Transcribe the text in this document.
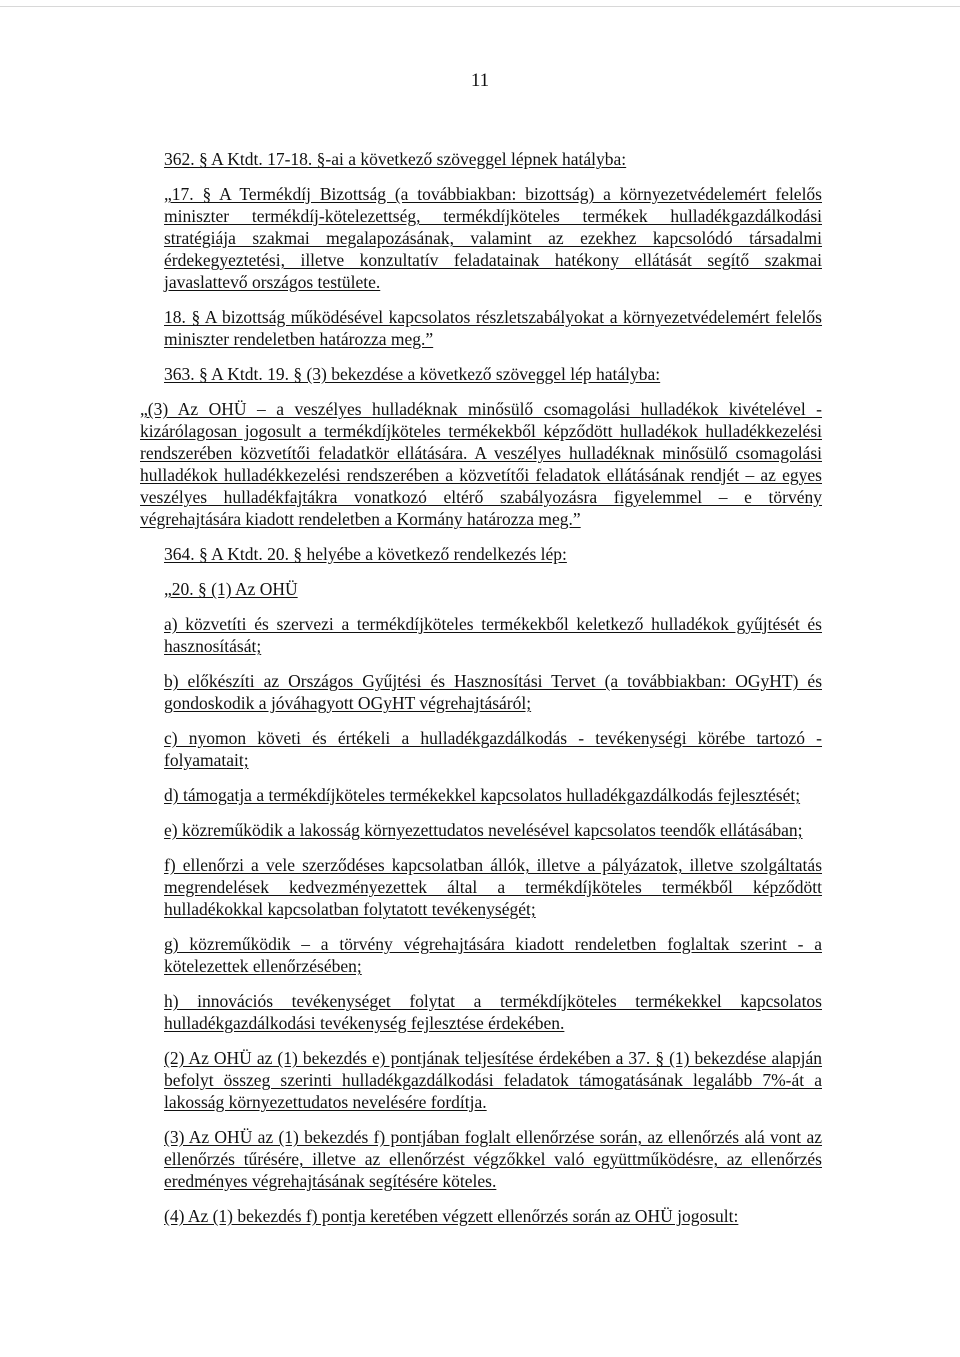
11

362. § A Ktdt. 17-18. §-ai a következő szöveggel lépnek hatályba:

„17. § A Termékdíj Bizottság (a továbbiakban: bizottság) a környezetvédelemért felelős miniszter termékdíj-kötelezettség, termékdíjköteles termékek hulladékgazdálkodási stratégiája szakmai megalapozásának, valamint az ezekhez kapcsolódó társadalmi érdekegyeztetési, illetve konzultatív feladatainak hatékony ellátását segítő szakmai javaslattevő országos testülete.

18. § A bizottság működésével kapcsolatos részletszabályokat a környezetvédelemért felelős miniszter rendeletben határozza meg.”

363. § A Ktdt. 19. § (3) bekezdése a következő szöveggel lép hatályba:

„(3) Az OHÜ – a veszélyes hulladéknak minősülő csomagolási hulladékok kivételével - kizárólagosan jogosult a termékdíjköteles termékekből képződött hulladékok hulladékkezelési rendszerében közvetítői feladatkör ellátására. A veszélyes hulladéknak minősülő csomagolási hulladékok hulladékkezelési rendszerében a közvetítői feladatok ellátásának rendjét – az egyes veszélyes hulladékfajtákra vonatkozó eltérő szabályozásra figyelemmel – e törvény végrehajtására kiadott rendeletben a Kormány határozza meg.”

364. § A Ktdt. 20. § helyébe a következő rendelkezés lép:

„20. § (1) Az OHÜ

a) közvetíti és szervezi a termékdíjköteles termékekből keletkező hulladékok gyűjtését és hasznosítását;

b) előkészíti az Országos Gyűjtési és Hasznosítási Tervet (a továbbiakban: OGyHT) és gondoskodik a jóváhagyott OGyHT végrehajtásáról;

c) nyomon követi és értékeli a hulladékgazdálkodás - tevékenységi körébe tartozó - folyamatait;

d) támogatja a termékdíjköteles termékekkel kapcsolatos hulladékgazdálkodás fejlesztését;

e) közreműködik a lakosság környezettudatos nevelésével kapcsolatos teendők ellátásában;

f) ellenőrzi a vele szerződéses kapcsolatban állók, illetve a pályázatok, illetve szolgáltatás megrendelések kedvezményezettek által a termékdíjköteles termékből képződött hulladékokkal kapcsolatban folytatott tevékenységét;

g) közreműködik – a törvény végrehajtására kiadott rendeletben foglaltak szerint - a kötelezettek ellenőrzésében;

h) innovációs tevékenységet folytat a termékdíjköteles termékekkel kapcsolatos hulladékgazdálkodási tevékenység fejlesztése érdekében.

(2) Az OHÜ az (1) bekezdés e) pontjának teljesítése érdekében a 37. § (1) bekezdése alapján befolyt összeg szerinti hulladékgazdálkodási feladatok támogatásának legalább 7%-át a lakosság környezettudatos nevelésére fordítja.

(3) Az OHÜ az (1) bekezdés f) pontjában foglalt ellenőrzése során, az ellenőrzés alá vont az ellenőrzés tűrésére, illetve az ellenőrzést végzőkkel való együttműködésre, az ellenőrzés eredményes végrehajtásának segítésére köteles.

(4) Az (1) bekezdés f) pontja keretében végzett ellenőrzés során az OHÜ jogosult:
